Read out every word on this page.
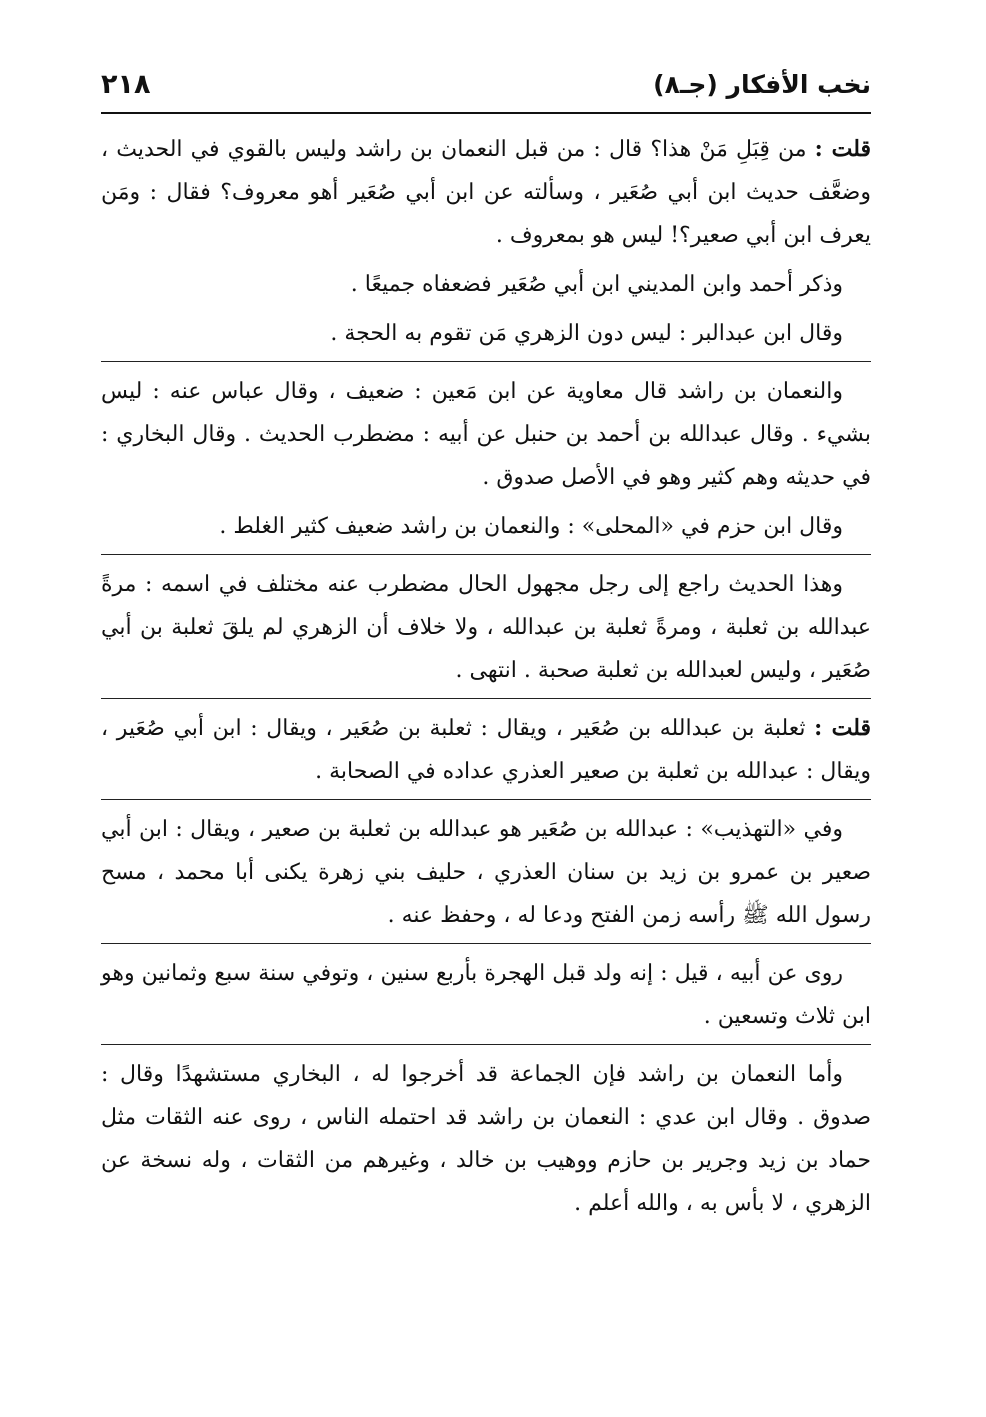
٢١٨	نخب الأفكار (جـ٨)

قلت : من قِبَلِ مَنْ هذا؟ قال : من قبل النعمان بن راشد وليس بالقوي في الحديث ، وضعَّف حديث ابن أبي صُعَير ، وسألته عن ابن أبي صُعَير أهو معروف؟ فقال : ومَن يعرف ابن أبي صعير؟! ليس هو بمعروف .

وذكر أحمد وابن المديني ابن أبي صُعَير فضعفاه جميعًا .

وقال ابن عبدالبر : ليس دون الزهري مَن تقوم به الحجة .

والنعمان بن راشد قال معاوية عن ابن مَعين : ضعيف ، وقال عباس عنه : ليس بشيء . وقال عبدالله بن أحمد بن حنبل عن أبيه : مضطرب الحديث . وقال البخاري : في حديثه وهم كثير وهو في الأصل صدوق .

وقال ابن حزم في «المحلى» : والنعمان بن راشد ضعيف كثير الغلط .

وهذا الحديث راجع إلى رجل مجهول الحال مضطرب عنه مختلف في اسمه : مرةً عبدالله بن ثعلبة ، ومرةً ثعلبة بن عبدالله ، ولا خلاف أن الزهري لم يلقَ ثعلبة بن أبي صُعَير ، وليس لعبدالله بن ثعلبة صحبة . انتهى .

قلت : ثعلبة بن عبدالله بن صُعَير ، ويقال : ثعلبة بن صُعَير ، ويقال : ابن أبي صُعَير ، ويقال : عبدالله بن ثعلبة بن صعير العذري عداده في الصحابة .

وفي «التهذيب» : عبدالله بن صُعَير هو عبدالله بن ثعلبة بن صعير ، ويقال : ابن أبي صعير بن عمرو بن زيد بن سنان العذري ، حليف بني زهرة يكنى أبا محمد ، مسح رسول الله ﷺ رأسه زمن الفتح ودعا له ، وحفظ عنه .

روى عن أبيه ، قيل : إنه ولد قبل الهجرة بأربع سنين ، وتوفي سنة سبع وثمانين وهو ابن ثلاث وتسعين .

وأما النعمان بن راشد فإن الجماعة قد أخرجوا له ، البخاري مستشهدًا وقال : صدوق . وقال ابن عدي : النعمان بن راشد قد احتمله الناس ، روى عنه الثقات مثل حماد بن زيد وجرير بن حازم ووهيب بن خالد ، وغيرهم من الثقات ، وله نسخة عن الزهري ، لا بأس به ، والله أعلم .
